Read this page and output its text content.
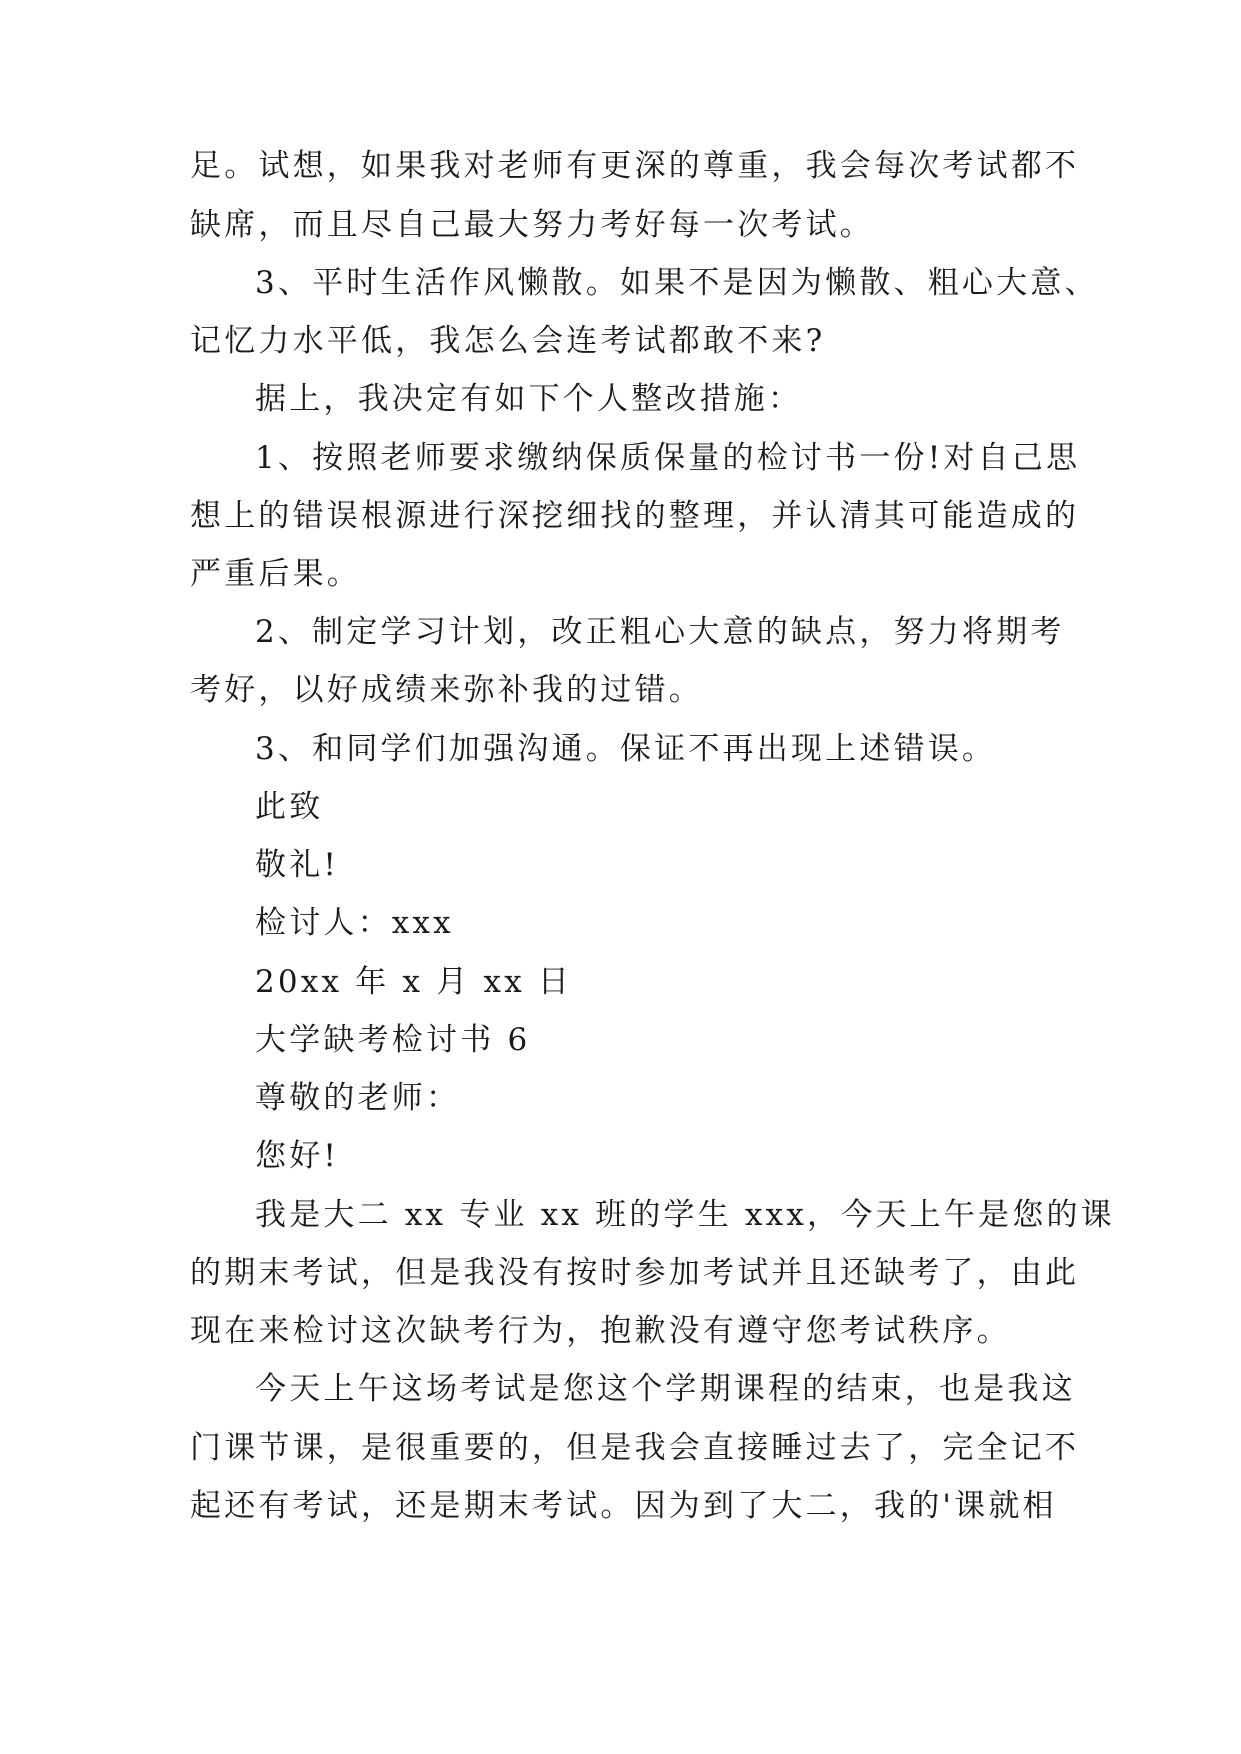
足。试想，如果我对老师有更深的尊重，我会每次考试都不
缺席，而且尽自己最大努力考好每一次考试。
3、平时生活作风懒散。如果不是因为懒散、粗心大意、
记忆力水平低，我怎么会连考试都敢不来?
据上，我决定有如下个人整改措施：
1、按照老师要求缴纳保质保量的检讨书一份!对自己思
想上的错误根源进行深挖细找的整理，并认清其可能造成的
严重后果。
2、制定学习计划，改正粗心大意的缺点，努力将期考
考好，以好成绩来弥补我的过错。
3、和同学们加强沟通。保证不再出现上述错误。
此致
敬礼!
检讨人：xxx
20xx 年 x 月 xx 日
大学缺考检讨书 6
尊敬的老师：
您好!
我是大二 xx 专业 xx 班的学生 xxx，今天上午是您的课
的期末考试，但是我没有按时参加考试并且还缺考了，由此
现在来检讨这次缺考行为，抱歉没有遵守您考试秩序。
今天上午这场考试是您这个学期课程的结束，也是我这
门课节课，是很重要的，但是我会直接睡过去了，完全记不
起还有考试，还是期末考试。因为到了大二，我的'课就相
